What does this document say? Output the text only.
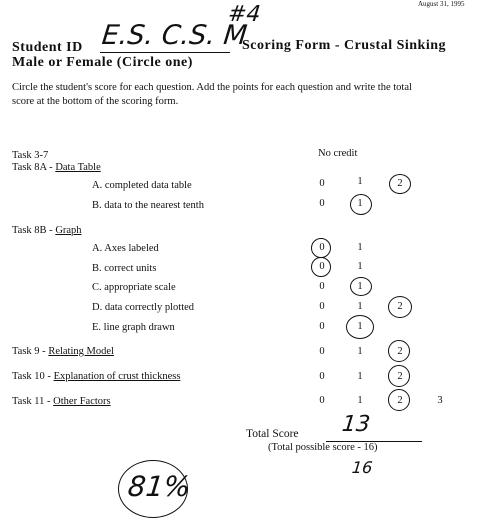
August 31, 1995
Student ID E.S. C.S. M
#4
Scoring Form - Crustal Sinking
Male or Female (Circle one)
Circle the student's score for each question. Add the points for each question and write the total
score at the bottom of the scoring form.
No credit
Task 3-7
Task 8A - Data Table
A. completed data table	0	1	2
B. data to the nearest tenth	0	1
Task 8B - Graph
A. Axes labeled	0	1
B. correct units	0	1
C. appropriate scale	0	1
D. data correctly plotted	0	1	2
E. line graph drawn	0	1
Task 9 - Relating Model	0	1	2
Task 10 - Explanation of crust thickness	0	1	2
Task 11 - Other Factors	0	1	2	3
Total Score 13
(Total possible score - 16)
16
81%
